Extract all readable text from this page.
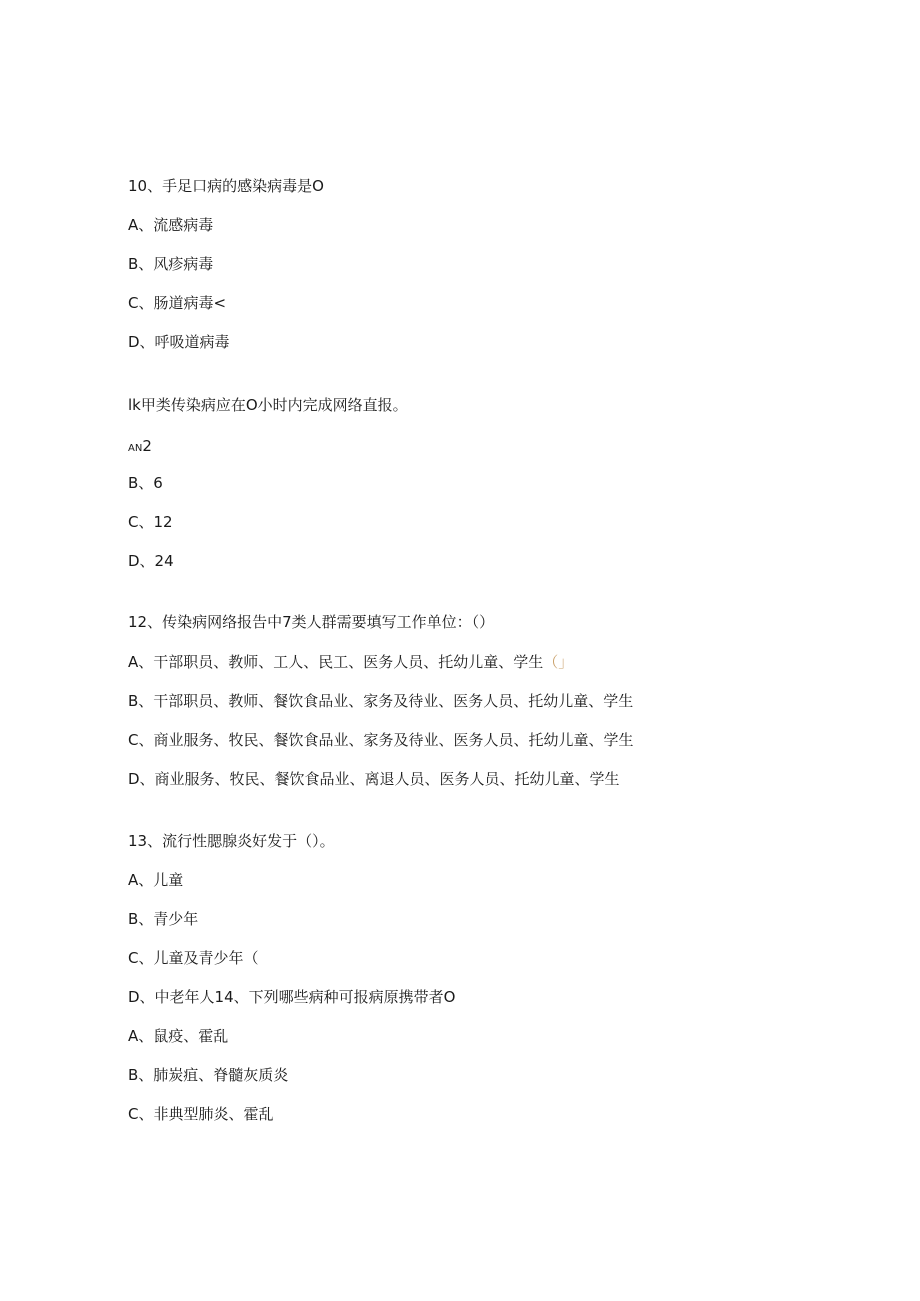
10、手足口病的感染病毒是O
A、流感病毒
B、风疹病毒
C、肠道病毒<
D、呼吸道病毒
lk甲类传染病应在O小时内完成网络直报。
AN2
B、6
C、12
D、24
12、传染病网络报告中7类人群需要填写工作单位：（）
A、干部职员、教师、工人、民工、医务人员、托幼儿童、学生（」
B、干部职员、教师、餐饮食品业、家务及待业、医务人员、托幼儿童、学生
C、商业服务、牧民、餐饮食品业、家务及待业、医务人员、托幼儿童、学生
D、商业服务、牧民、餐饮食品业、离退人员、医务人员、托幼儿童、学生
13、流行性腮腺炎好发于（）。
A、儿童
B、青少年
C、儿童及青少年（
D、中老年人14、下列哪些病种可报病原携带者O
A、鼠疫、霍乱
B、肺炭疽、脊髓灰质炎
C、非典型肺炎、霍乱
